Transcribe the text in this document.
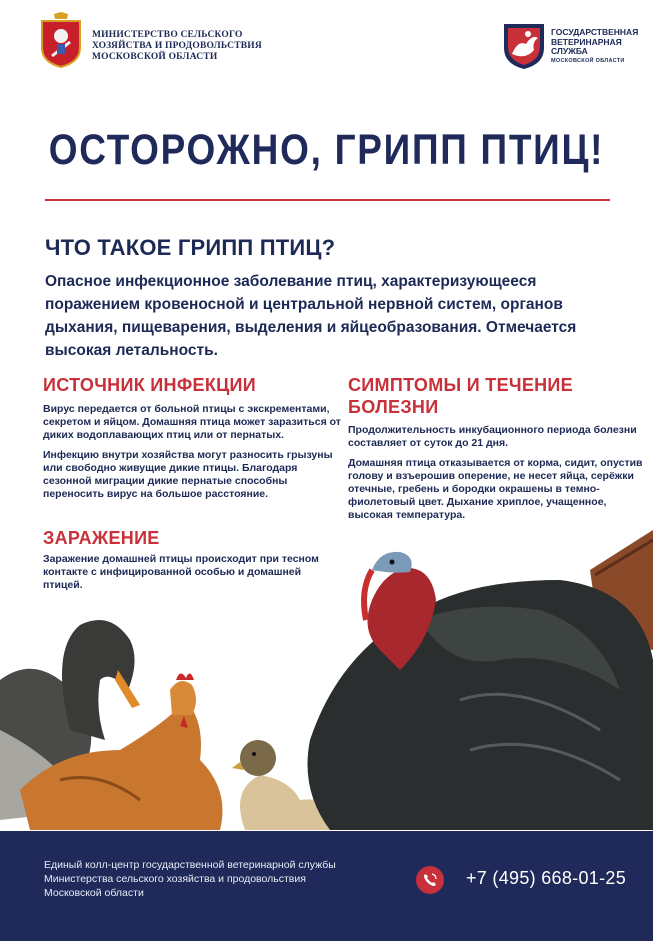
МИНИСТЕРСТВО СЕЛЬСКОГО
ХОЗЯЙСТВА И ПРОДОВОЛЬСТВИЯ
МОСКОВСКОЙ ОБЛАСТИ
ГОСУДАРСТВЕННАЯ
ВЕТЕРИНАРНАЯ
СЛУЖБА
МОСКОВСКОЙ ОБЛАСТИ
ОСТОРОЖНО, ГРИПП ПТИЦ!
ЧТО ТАКОЕ ГРИПП ПТИЦ?
Опасное инфекционное заболевание птиц, характеризующееся поражением кровеносной и центральной нервной систем, органов дыхания, пищеварения, выделения и яйцеобразования. Отмечается высокая летальность.
ИСТОЧНИК ИНФЕКЦИИ

Вирус передается от больной птицы с экскрементами, секретом и яйцом. Домашняя птица может заразиться от диких водоплавающих птиц или от пернатых.

Инфекцию внутри хозяйства могут разносить грызуны или свободно живущие дикие птицы. Благодаря сезонной миграции дикие пернатые способны переносить вирус на большое расстояние.

СИМПТОМЫ И ТЕЧЕНИЕ БОЛЕЗНИ

Продолжительность инкубационного периода болезни составляет от суток до 21 дня.

Домашняя птица отказывается от корма, сидит, опустив голову и взъерошив оперение, не несет яйца, серёжки отечные, гребень и бородки окрашены в темно-фиолетовый цвет. Дыхание хриплое, учащенное, высокая температура.

ЗАРАЖЕНИЕ

Заражение домашней птицы происходит при тесном контакте с инфицированной особью и домашней птицей.

Единый колл-центр государственной ветеринарной службы
Министерства сельского хозяйства и продовольствия
Московской области
+7 (495) 668-01-25
